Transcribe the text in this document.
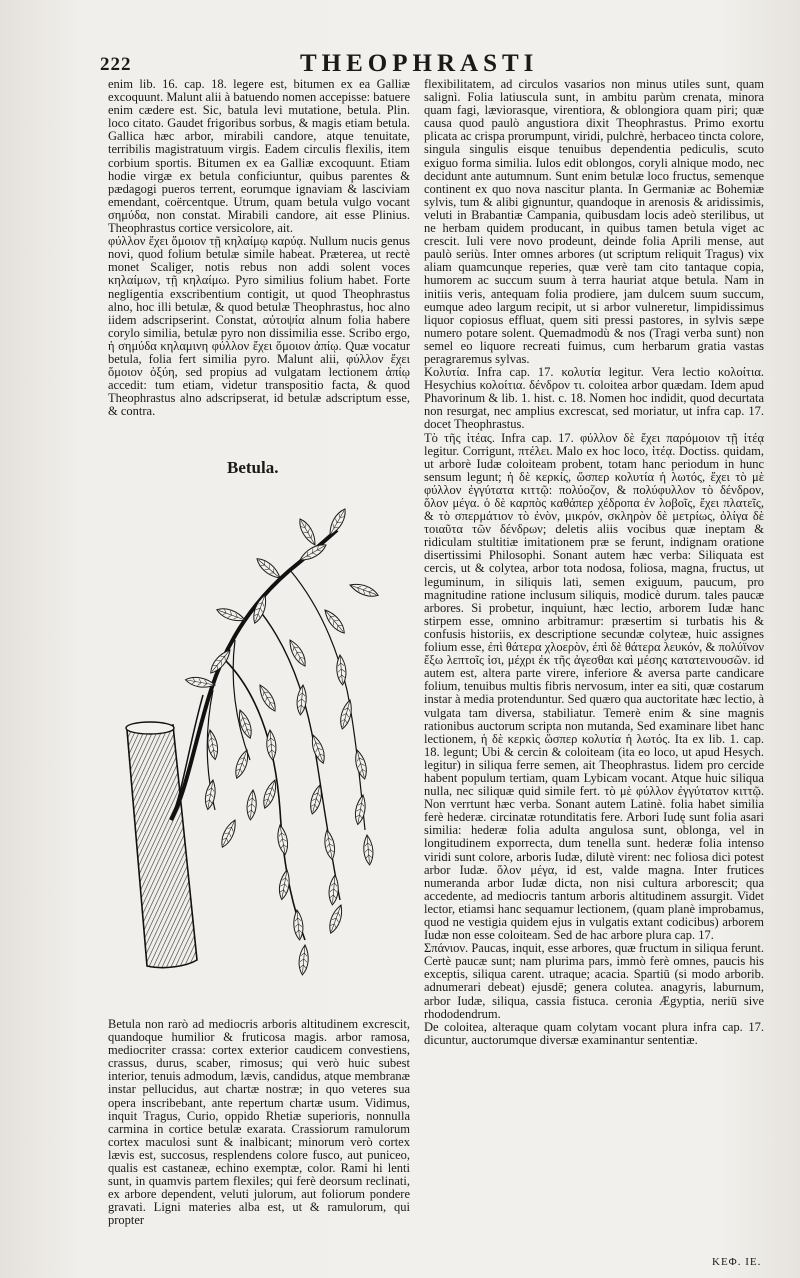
222	THEOPHRASTI

enim lib. 16. cap. 18. legere est, bitumen ex ea Galliæ excoquunt. Malunt alii à batuendo nomen accepisse: batuere enim cædere est. Sic, batula levi mutatione, betula. Plin. loco citato. Gaudet frigoribus sorbus, & magis etiam betula. Gallica hæc arbor, mirabili candore, atque tenuitate, terribilis magistratuum virgis. Eadem circulis flexilis, item corbium sportis. Bitumen ex ea Galliæ excoquunt. Etiam hodie virgæ ex betula conficiuntur, quibus parentes & pædagogi pueros terrent, eorumque ignaviam & lasciviam emendant, coërcentque. Utrum, quam betula vulgo vocant σημύδα, non constat. Mirabili candore, ait esse Plinius. Theophrastus cortice versicolore, ait.
φύλλον ἔχει ὅμοιον τῇ κηλαίμῳ καρύᾳ. Nullum nucis genus novi, quod folium betulæ simile habeat. Præterea, ut rectè monet Scaliger, notis rebus non addi solent voces κηλαίμων, τῇ κηλαίμω. Pyro similius folium habet. Forte negligentia exscribentium contigit, ut quod Theophrastus alno, hoc illi betulæ, & quod betulæ Theophrastus, hoc alno iidem adscripserint. Constat, αὐτοψία alnum folia habere corylo similia, betulæ pyro non dissimilia esse. Scribo ergo, ἡ σημύδα κηλαμινη φύλλον ἔχει ὅμοιον ἀπίῳ. Quæ vocatur betula, folia fert similia pyro. Malunt alii, φύλλον ἔχει ὅμοιον ὀξύη, sed propius ad vulgatam lectionem ἀπίῳ accedit: tum etiam, videtur transpositio facta, & quod Theophrastus alno adscripserat, id betulæ adscriptum esse, & contra.

Betula.

Betula non rarò ad mediocris arboris altitudinem excrescit, quandoque humilior & fruticosa magis. arbor ramosa, mediocriter crassa: cortex exterior caudicem convestiens, crassus, durus, scaber, rimosus; qui verò huic subest interior, tenuis admodum, lævis, candidus, atque membranæ instar pellucidus, aut chartæ nostræ; in quo veteres sua opera inscribebant, ante repertum chartæ usum. Vidimus, inquit Tragus, Curio, oppido Rhetiæ superioris, nonnulla carmina in cortice betulæ exarata. Crassiorum ramulorum cortex maculosi sunt & inalbicant; minorum verò cortex lævis est, succosus, resplendens colore fusco, aut puniceo, qualis est castaneæ, echino exemptæ, color. Rami hi lenti sunt, in quamvis partem flexiles; qui ferè deorsum reclinati, ex arbore dependent, veluti julorum, aut foliorum pondere gravati. Ligni materies alba est, ut & ramulorum, qui propter

flexibilitatem, ad circulos vasarios non minus utiles sunt, quam salignì. Folia latiuscula sunt, in ambitu parùm crenata, minora quam fagi, læviorasque, virentiora, & oblongiora quam piri; quæ causa quod paulò angustiora dixit Theophrastus. Primo exortu plicata ac crispa prorumpunt, viridi, pulchrè, herbaceo tincta colore, singula singulis eisque tenuibus dependentia pediculis, scuto exiguo forma similia. Iulos edit oblongos, coryli alnique modo, nec decidunt ante autumnum. Sunt enim betulæ loco fructus, semenque continent ex quo nova nascitur planta. In Germaniæ ac Bohemiæ sylvis, tum & alibi gignuntur, quandoque in arenosis & aridissimis, veluti in Brabantiæ Campania, quibusdam locis adeò sterilibus, ut ne herbam quidem producant, in quibus tamen betula viget ac crescit. Iuli vere novo prodeunt, deinde folia Aprili mense, aut paulò seriùs. Inter omnes arbores (ut scriptum reliquit Tragus) vix aliam quamcunque reperies, quæ verè tam cito tantaque copia, humorem ac succum suum à terra hauriat atque betula. Nam in initiis veris, antequam folia prodiere, jam dulcem suum succum, eumque adeo largum recipit, ut si arbor vulneretur, limpidissimus liquor copiosus effluat, quem siti pressi pastores, in sylvis sæpe numero potare solent. Quemadmodù & nos (Tragi verba sunt) non semel eo liquore recreati fuimus, cum herbarum gratia vastas peragraremus sylvas.
Κολυτία. Infra cap. 17. κολυτία legitur. Vera lectio κολοίτια. Hesychius κολοίτια. δένδρον τι. coloitea arbor quædam. Idem apud Phavorinum & lib. 1. hist. c. 18. Nomen hoc indidit, quod decurtata non resurgat, nec amplius excrescat, sed moriatur, ut infra cap. 17. docet Theophrastus.
Τὸ τῆς ἰτέας. Infra cap. 17. φύλλον δὲ ἔχει παρόμοιον τῇ ἰτέᾳ legitur. Corrigunt, πτέλει. Malo ex hoc loco, ἰτέᾳ. Doctiss. quidam, ut arborè Iudæ coloiteam probent, totam hanc periodum in hunc sensum legunt; ἡ δὲ κερκίς, ὥσπερ κολυτία ἡ λωτός, ἔχει τὸ μὲ φύλλον ἐγγύτατα κιττῷ: πολύοζον, & πολύφυλλον τὸ δένδρον, ὅλον μέγα. ὁ δὲ καρπὸς καθάπερ χέδροπα ἐν λοβοῖς, ἔχει πλατεῖς, & τὸ σπερμάτιον τὸ ἐνὸν, μικρόν, σκληρὸν δὲ μετρίως, ὀλίγα δὲ τοιαῦτα τῶν δένδρων; deletis aliis vocibus quæ ineptam & ridiculam stultitiæ imitationem præ se ferunt, indignam oratione disertissimi Philosophi. Sonant autem hæc verba: Siliquata est cercis, ut & colytea, arbor tota nodosa, foliosa, magna, fructus, ut leguminum, in siliquis lati, semen exiguum, paucum, pro magnitudine ratione inclusum siliquis, modicè durum. tales paucæ arbores. Si probetur, inquiunt, hæc lectio, arborem Iudæ hanc stirpem esse, omnino arbitramur: præsertim si turbatis his & confusis historiis, ex descriptione secundæ colyteæ, huic assignes folium esse, ἐπὶ θάτερα χλοερὸν, ἐπὶ δὲ θάτερα λευκόν, & πολύϊνον ἔξω λεπτοῖς ἰσι, μέχρι ἐκ τῆς ἀγεσθαι καὶ μέσης κατατεινουσῶν. id autem est, altera parte virere, inferiore & aversa parte candicare folium, tenuibus multis fibris nervosum, inter ea siti, quæ costarum instar à media protenduntur. Sed quæro qua auctoritate hæc lectio, à vulgata tam diversa, stabiliatur. Temerè enim & sine magnis rationibus auctorum scripta non mutanda, Sed examinare libet hanc lectionem, ἡ δὲ κερκὶς ὥσπερ κολυτία ἡ λωτός. Ita ex lib. 1. cap. 18. legunt; Ubi & cercin & coloiteam (ita eo loco, ut apud Hesych. legitur) in siliqua ferre semen, ait Theophrastus. Iidem pro cercide habent populum tertiam, quam Lybicam vocant. Atque huic siliqua nulla, nec siliquæ quid simile fert. τὸ μὲ φύλλον ἐγγύτατον κιττῷ. Non verrtunt hæc verba. Sonant autem Latinè. folia habet similia ferè hederæ. circinatæ rotunditatis fere. Arbori Iudę sunt folia asari similia: hederæ folia adulta angulosa sunt, oblonga, vel in longitudinem exporrecta, dum tenella sunt. hederæ folia intenso viridi sunt colore, arboris Iudæ, dilutè virent: nec foliosa dici potest arbor Iudæ. ὅλον μέγα, id est, valde magna. Inter frutices numeranda arbor Iudæ dicta, non nisi cultura arborescit; qua accedente, ad mediocris tantum arboris altitudinem assurgit. Videt lector, etiamsi hanc sequamur lectionem, (quam planè improbamus, quod ne vestigia quidem ejus in vulgatis extant codicibus) arborem Iudæ non esse coloiteam. Sed de hac arbore plura cap. 17.
Σπάνιον. Paucas, inquit, esse arbores, quæ fructum in siliqua ferunt. Certè paucæ sunt; nam plurima pars, immò ferè omnes, paucis his exceptis, siliqua carent. utraque; acacia. Spartiū (si modo arborib. adnumerari debeat) ejusdē; genera colutea. anagyris, laburnum, arbor Iudæ, siliqua, cassia fistuca. ceronia Ægyptia, neriū sive rhododendrum.
De coloitea, alteraque quam colytam vocant plura infra cap. 17. dicuntur, auctorumque diversæ examinantur sententiæ.

ΚΕΦ. ΙΕ.
